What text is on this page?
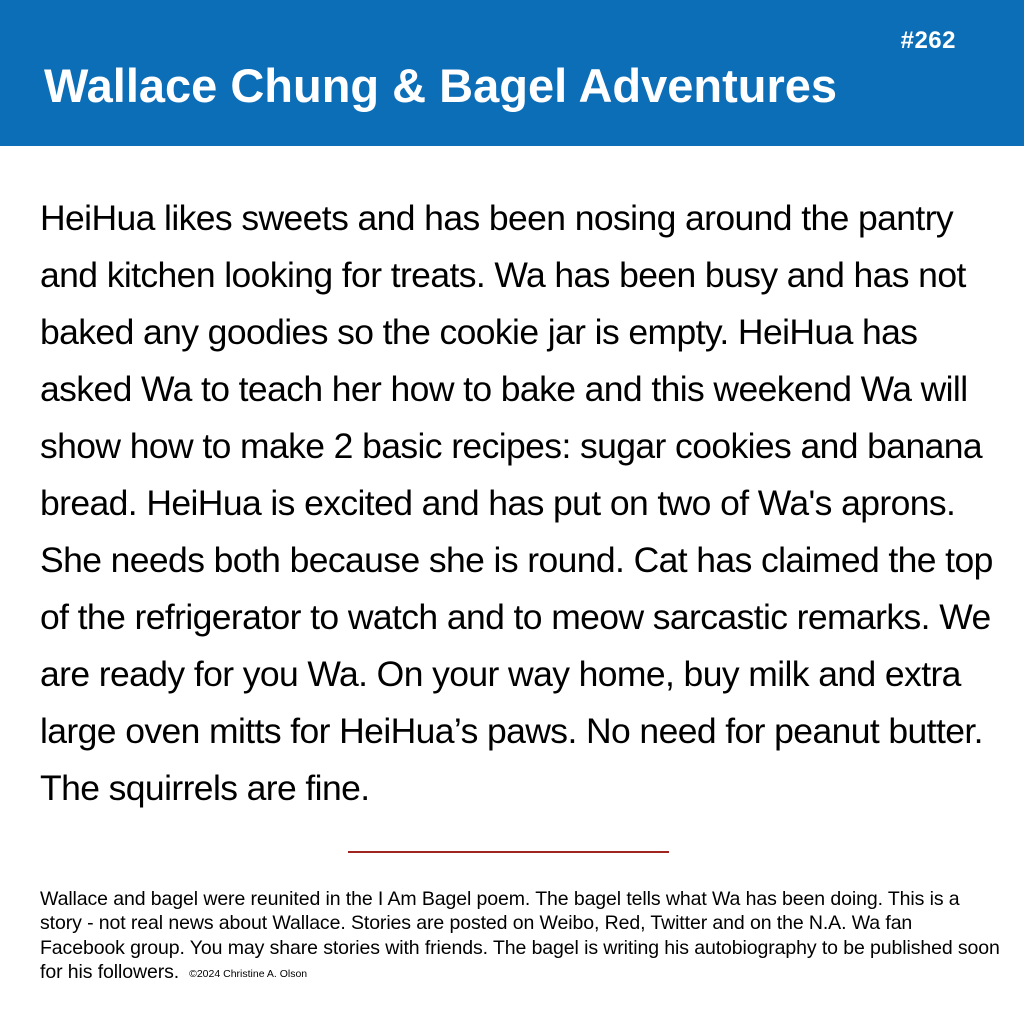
#262
Wallace Chung & Bagel Adventures

HeiHua likes sweets and has been nosing around the pantry and kitchen looking for treats. Wa has been busy and has not baked any goodies so the cookie jar is empty. HeiHua has asked Wa to teach her how to bake and this weekend Wa will show how to make 2 basic recipes: sugar cookies and banana bread. HeiHua is excited and has put on two of Wa's aprons. She needs both because she is round. Cat has claimed the top of the refrigerator to watch and to meow sarcastic remarks. We are ready for you Wa. On your way home, buy milk and extra large oven mitts for HeiHua’s paws. No need for peanut butter. The squirrels are fine.

Wallace and bagel were reunited in the I Am Bagel poem. The bagel tells what Wa has been doing. This is a story - not real news about Wallace. Stories are posted on Weibo, Red, Twitter and on the N.A. Wa fan Facebook group. You may share stories with friends. The bagel is writing his autobiography to be published soon for his followers. ©2024 Christine A. Olson
